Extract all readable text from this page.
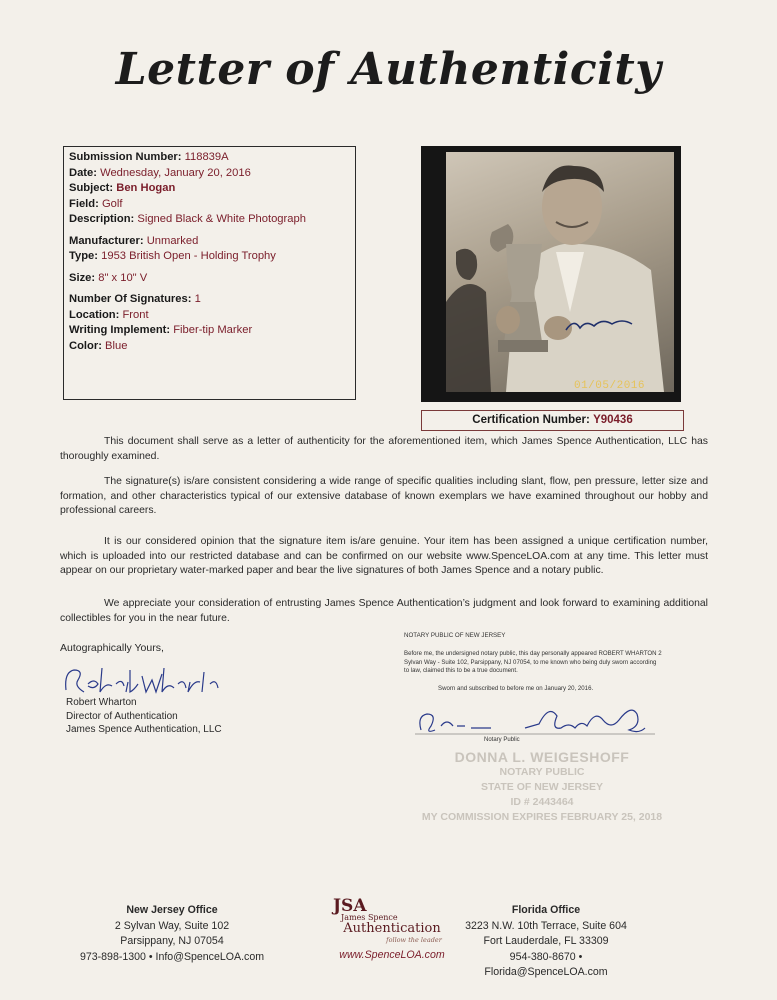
Letter of Authenticity
Submission Number: 118839A
Date: Wednesday, January 20, 2016
Subject: Ben Hogan
Field: Golf
Description: Signed Black & White Photograph
Manufacturer: Unmarked
Type: 1953 British Open - Holding Trophy
Size: 8" x 10" V
Number Of Signatures: 1
Location: Front
Writing Implement: Fiber-tip Marker
Color: Blue
01/05/2016
Certification Number: Y90436
This document shall serve as a letter of authenticity for the aforementioned item, which James Spence Authentication, LLC has thoroughly examined.
The signature(s) is/are consistent considering a wide range of specific qualities including slant, flow, pen pressure, letter size and formation, and other characteristics typical of our extensive database of known exemplars we have examined throughout our hobby and professional careers.
It is our considered opinion that the signature item is/are genuine. Your item has been assigned a unique certification number, which is uploaded into our restricted database and can be confirmed on our website www.SpenceLOA.com at any time. This letter must appear on our proprietary water-marked paper and bear the live signatures of both James Spence and a notary public.
We appreciate your consideration of entrusting James Spence Authentication’s judgment and look forward to examining additional collectibles for you in the near future.
Autographically Yours,
Robert Wharton
Director of Authentication
James Spence Authentication, LLC
NOTARY PUBLIC OF NEW JERSEY
Before me, the undersigned notary public, this day personally appeared ROBERT WHARTON 2 Sylvan Way - Suite 102, Parsippany, NJ 07054, to me known who being duly sworn according to law, claimed this to be a true document.
Sworn and subscribed to before me on January 20, 2016.
Notary Public
DONNA L. WEIGESHOFF
NOTARY PUBLIC
STATE OF NEW JERSEY
ID # 2443464
MY COMMISSION EXPIRES FEBRUARY 25, 2018
New Jersey Office
2 Sylvan Way, Suite 102
Parsippany, NJ 07054
973-898-1300 • Info@SpenceLOA.com
JSA
James Spence
Authentication
follow the leader
www.SpenceLOA.com
Florida Office
3223 N.W. 10th Terrace, Suite 604
Fort Lauderdale, FL 33309
954-380-8670 • Florida@SpenceLOA.com
